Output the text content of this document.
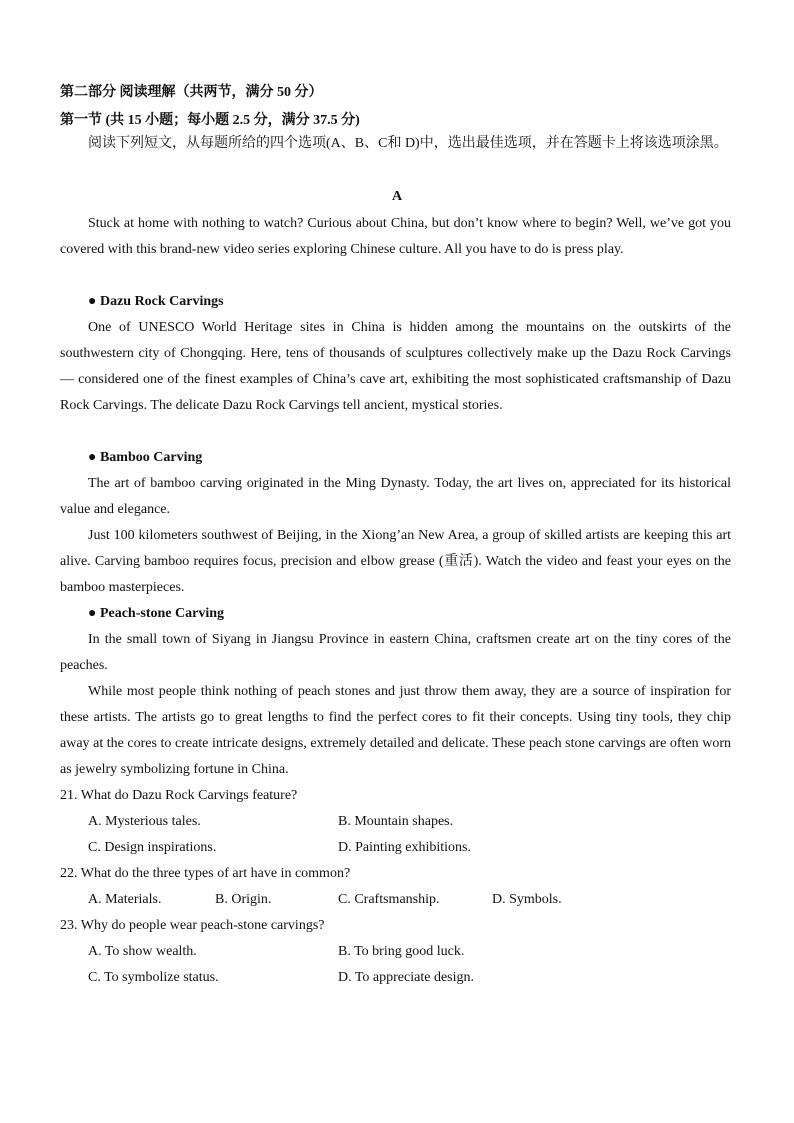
第二部分 阅读理解（共两节，满分 50 分）
第一节 (共 15 小题；每小题 2.5 分，满分 37.5 分)
阅读下列短文，从每题所给的四个选项(A、B、C和 D)中，选出最佳选项，并在答题卡上将该选项涂黑。
A
Stuck at home with nothing to watch? Curious about China, but don’t know where to begin? Well, we’ve got you covered with this brand-new video series exploring Chinese culture. All you have to do is press play.
● Dazu Rock Carvings
One of UNESCO World Heritage sites in China is hidden among the mountains on the outskirts of the southwestern city of Chongqing. Here, tens of thousands of sculptures collectively make up the Dazu Rock Carvings — considered one of the finest examples of China’s cave art, exhibiting the most sophisticated craftsmanship of Dazu Rock Carvings. The delicate Dazu Rock Carvings tell ancient, mystical stories.
● Bamboo Carving
The art of bamboo carving originated in the Ming Dynasty. Today, the art lives on, appreciated for its historical value and elegance.
Just 100 kilometers southwest of Beijing, in the Xiong’an New Area, a group of skilled artists are keeping this art alive. Carving bamboo requires focus, precision and elbow grease (重活). Watch the video and feast your eyes on the bamboo masterpieces.
● Peach-stone Carving
In the small town of Siyang in Jiangsu Province in eastern China, craftsmen create art on the tiny cores of the peaches.
While most people think nothing of peach stones and just throw them away, they are a source of inspiration for these artists. The artists go to great lengths to find the perfect cores to fit their concepts. Using tiny tools, they chip away at the cores to create intricate designs, extremely detailed and delicate. These peach stone carvings are often worn as jewelry symbolizing fortune in China.
21. What do Dazu Rock Carvings feature?
A. Mysterious tales.	B. Mountain shapes.
C. Design inspirations.	D. Painting exhibitions.
22. What do the three types of art have in common?
A. Materials.	B. Origin.	C. Craftsmanship.	D. Symbols.
23. Why do people wear peach-stone carvings?
A. To show wealth.	B. To bring good luck.
C. To symbolize status.	D. To appreciate design.
